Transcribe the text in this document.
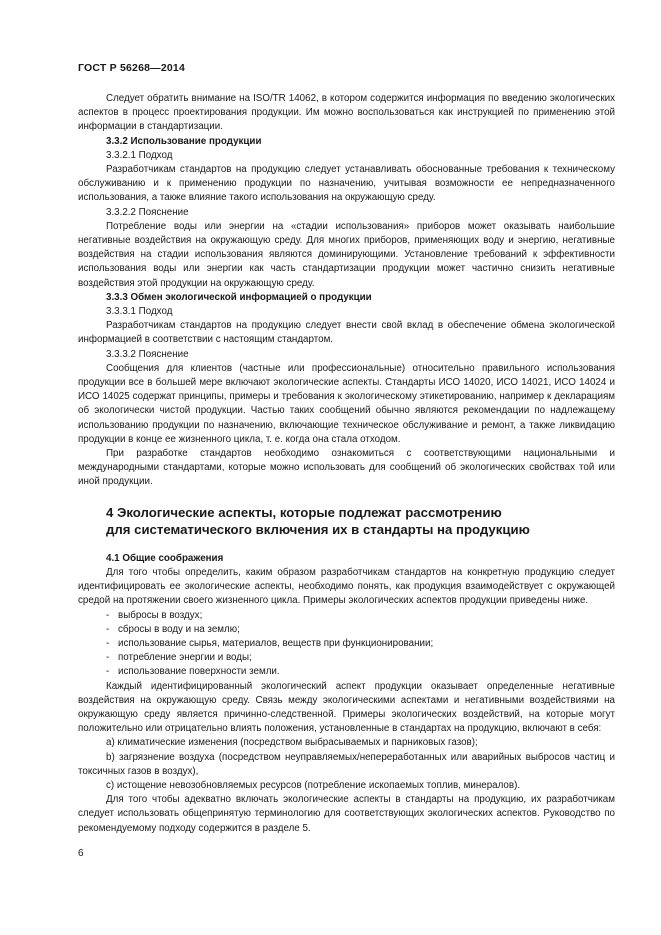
ГОСТ Р 56268—2014

Следует обратить внимание на ISO/TR 14062, в котором содержится информация по введению экологических аспектов в процесс проектирования продукции. Им можно воспользоваться как инструкцией по применению этой информации в стандартизации.

3.3.2 Использование продукции

3.3.2.1 Подход

Разработчикам стандартов на продукцию следует устанавливать обоснованные требования к техническому обслуживанию и к применению продукции по назначению, учитывая возможности ее непредназначенного использования, а также влияние такого использования на окружающую среду.

3.3.2.2 Пояснение

Потребление воды или энергии на «стадии использования» приборов может оказывать наибольшие негативные воздействия на окружающую среду. Для многих приборов, применяющих воду и энергию, негативные воздействия на стадии использования являются доминирующими. Установление требований к эффективности использования воды или энергии как часть стандартизации продукции может частично снизить негативные воздействия этой продукции на окружающую среду.

3.3.3 Обмен экологической информацией о продукции

3.3.3.1 Подход

Разработчикам стандартов на продукцию следует внести свой вклад в обеспечение обмена экологической информацией в соответствии с настоящим стандартом.

3.3.3.2 Пояснение

Сообщения для клиентов (частные или профессиональные) относительно правильного использования продукции все в большей мере включают экологические аспекты. Стандарты ИСО 14020, ИСО 14021, ИСО 14024 и ИСО 14025 содержат принципы, примеры и требования к экологическому этикетированию, например к декларациям об экологически чистой продукции. Частью таких сообщений обычно являются рекомендации по надлежащему использованию продукции по назначению, включающие техническое обслуживание и ремонт, а также ликвидацию продукции в конце ее жизненного цикла, т. е. когда она стала отходом.

При разработке стандартов необходимо ознакомиться с соответствующими национальными и международными стандартами, которые можно использовать для сообщений об экологических свойствах той или иной продукции.

4 Экологические аспекты, которые подлежат рассмотрению

для систематического включения их в стандарты на продукцию

4.1 Общие соображения

Для того чтобы определить, каким образом разработчикам стандартов на конкретную продукцию следует идентифицировать ее экологические аспекты, необходимо понять, как продукция взаимодействует с окружающей средой на протяжении своего жизненного цикла. Примеры экологических аспектов продукции приведены ниже.

- выбросы в воздух;

- сбросы в воду и на землю;

- использование сырья, материалов, веществ при функционировании;

- потребление энергии и воды;

- использование поверхности земли.

Каждый идентифицированный экологический аспект продукции оказывает определенные негативные воздействия на окружающую среду. Связь между экологическими аспектами и негативными воздействиями на окружающую среду является причинно-следственной. Примеры экологических воздействий, на которые могут положительно или отрицательно влиять положения, установленные в стандартах на продукцию, включают в себя:

а) климатические изменения (посредством выбрасываемых и парниковых газов);

b) загрязнение воздуха (посредством неуправляемых/непереработанных или аварийных выбросов частиц и токсичных газов в воздух),

с) истощение невозобновляемых ресурсов (потребление ископаемых топлив, минералов).

Для того чтобы адекватно включать экологические аспекты в стандарты на продукцию, их разработчикам следует использовать общепринятую терминологию для соответствующих экологических аспектов. Руководство по рекомендуемому подходу содержится в разделе 5.

6
